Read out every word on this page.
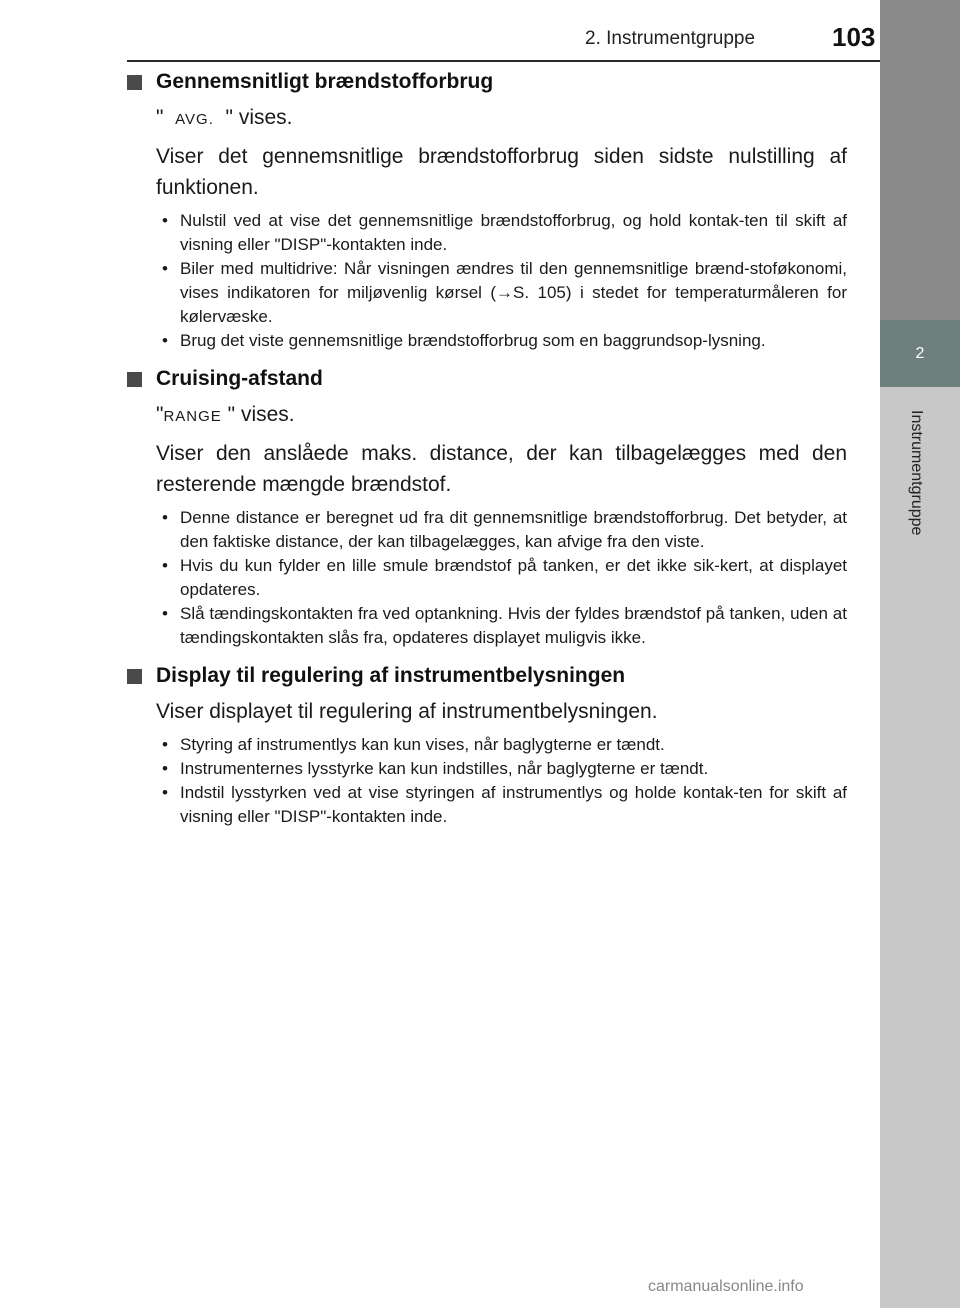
2. Instrumentgruppe	103
2
Instrumentgruppe
Gennemsnitligt brændstofforbrug
" AVG. " vises.
Viser det gennemsnitlige brændstofforbrug siden sidste nulstilling af funktionen.
• Nulstil ved at vise det gennemsnitlige brændstofforbrug, og hold kontak-ten til skift af visning eller "DISP"-kontakten inde.
• Biler med multidrive: Når visningen ændres til den gennemsnitlige brænd-stoføkonomi, vises indikatoren for miljøvenlig kørsel (→S. 105) i stedet for temperaturmåleren for kølervæske.
• Brug det viste gennemsnitlige brændstofforbrug som en baggrundsop-lysning.
Cruising-afstand
"RANGE " vises.
Viser den anslåede maks. distance, der kan tilbagelægges med den resterende mængde brændstof.
• Denne distance er beregnet ud fra dit gennemsnitlige brændstofforbrug. Det betyder, at den faktiske distance, der kan tilbagelægges, kan afvige fra den viste.
• Hvis du kun fylder en lille smule brændstof på tanken, er det ikke sik-kert, at displayet opdateres.
• Slå tændingskontakten fra ved optankning. Hvis der fyldes brændstof på tanken, uden at tændingskontakten slås fra, opdateres displayet muligvis ikke.
Display til regulering af instrumentbelysningen
Viser displayet til regulering af instrumentbelysningen.
• Styring af instrumentlys kan kun vises, når baglygterne er tændt.
• Instrumenternes lysstyrke kan kun indstilles, når baglygterne er tændt.
• Indstil lysstyrken ved at vise styringen af instrumentlys og holde kontak-ten for skift af visning eller "DISP"-kontakten inde.
carmanualsonline.info
